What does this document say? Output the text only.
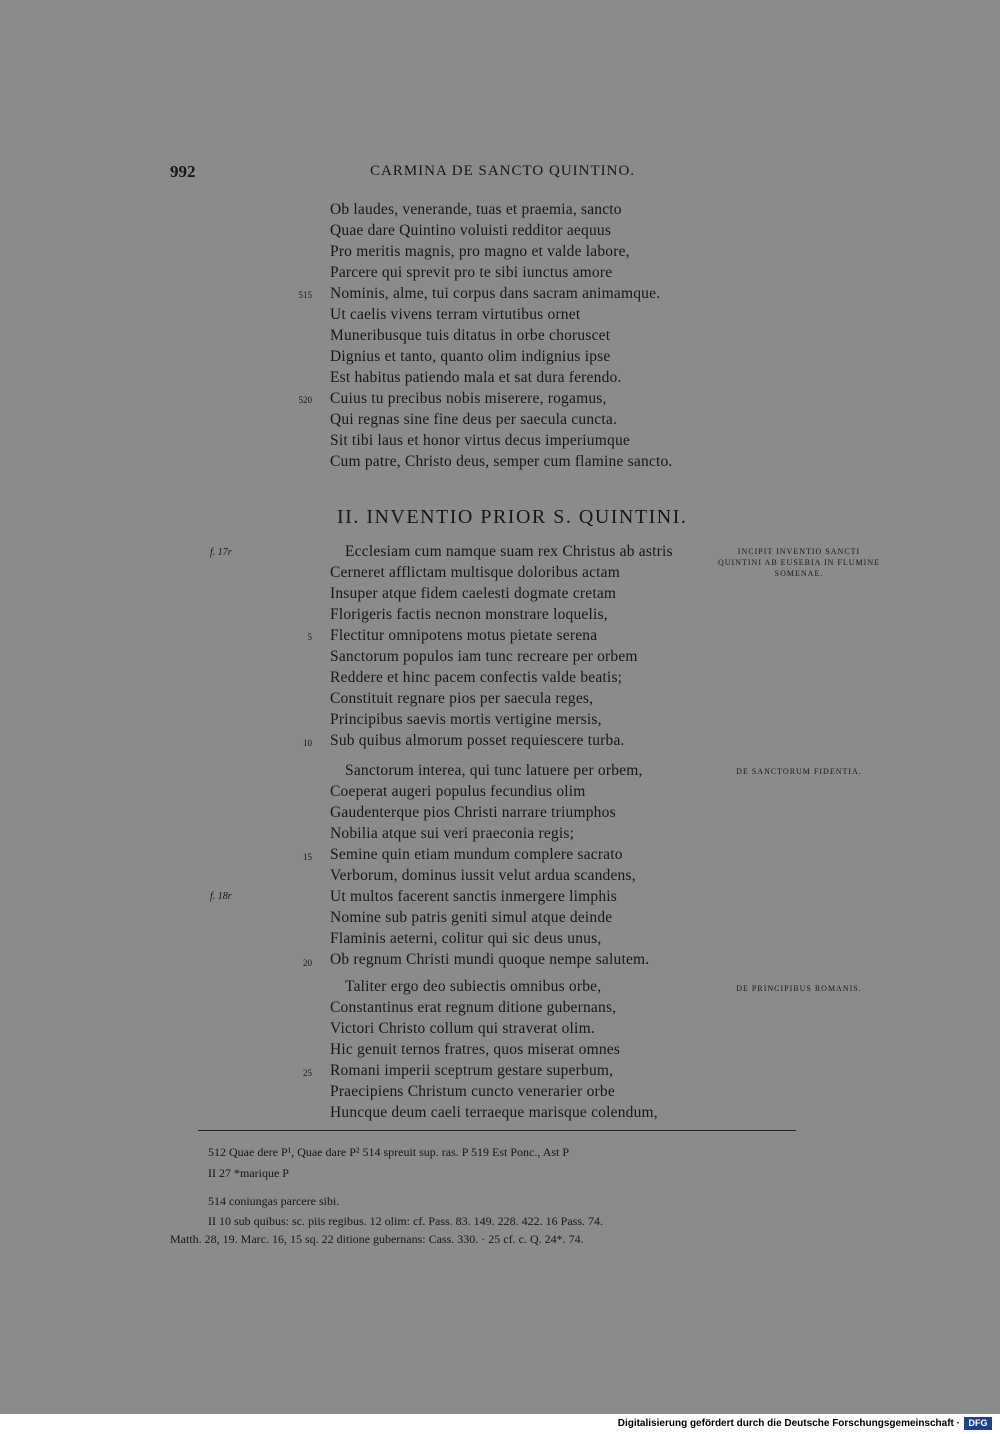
992	CARMINA DE SANCTO QUINTINO.
Ob laudes, venerande, tuas et praemia, sancto
Quae dare Quintino voluisti redditor aequus
Pro meritis magnis, pro magno et valde labore,
Parcere qui sprevit pro te sibi iunctus amore
515 Nominis, alme, tui corpus dans sacram animamque.
Ut caelis vivens terram virtutibus ornet
Muneribusque tuis ditatus in orbe choruscet
Dignius et tanto, quanto olim indignius ipse
Est habitus patiendo mala et sat dura ferendo.
520 Cuius tu precibus nobis miserere, rogamus,
Qui regnas sine fine deus per saecula cuncta.
Sit tibi laus et honor virtus decus imperiumque
Cum patre, Christo deus, semper cum flamine sancto.
II. INVENTIO PRIOR S. QUINTINI.
f. 17r	INCIPIT INVENTIO SANCTI QUINTINI AB EUSEBIA IN FLUMINE SOMENAE.
Ecclesiam cum namque suam rex Christus ab astris
Cerneret afflictam multisque doloribus actam
Insuper atque fidem caelesti dogmate cretam
Florigeris factis necnon monstrare loquelis,
5 Flectitur omnipotens motus pietate serena
Sanctorum populos iam tunc recreare per orbem
Reddere et hinc pacem confectis valde beatis;
Constituit regnare pios per saecula reges,
Principibus saevis mortis vertigine mersis,
10 Sub quibus almorum posset requiescere turba.
DE SANCTORUM FIDENTIA.
Sanctorum interea, qui tunc latuere per orbem,
Coeperat augeri populus fecundius olim
Gaudenterque pios Christi narrare triumphos
Nobilia atque sui veri praeconia regis;
15 Semine quin etiam mundum complere sacrato
Verborum, dominus iussit velut ardua scandens,
f. 18r	Ut multos facerent sanctis inmergere limphis
Nomine sub patris geniti simul atque deinde
Flaminis aeterni, colitur qui sic deus unus,
20 Ob regnum Christi mundi quoque nempe salutem.
DE PRINCIPIBUS ROMANIS.
Taliter ergo deo subiectis omnibus orbe,
Constantinus erat regnum ditione gubernans,
Victori Christo collum qui straverat olim.
Hic genuit ternos fratres, quos miserat omnes
25 Romani imperii sceptrum gestare superbum,
Praecipiens Christum cuncto venerarier orbe
Huncque deum caeli terraeque marisque colendum,
512 Quae dere P¹, Quae dare P² 514 spreuit sup. ras. P 519 Est Ponc., Ast P
II 27 *marique P
514 coniungas parcere sibi.
II 10 sub quibus: sc. piis regibus. 12 olim: cf. Pass. 83. 149. 228. 422. 16 Pass. 74.
Matth. 28, 19. Marc. 16, 15 sq. 22 ditione gubernans: Cass. 330. · 25 cf. c. Q. 24*. 74.
Digitalisierung gefördert durch die Deutsche Forschungsgemeinschaft · DFG
